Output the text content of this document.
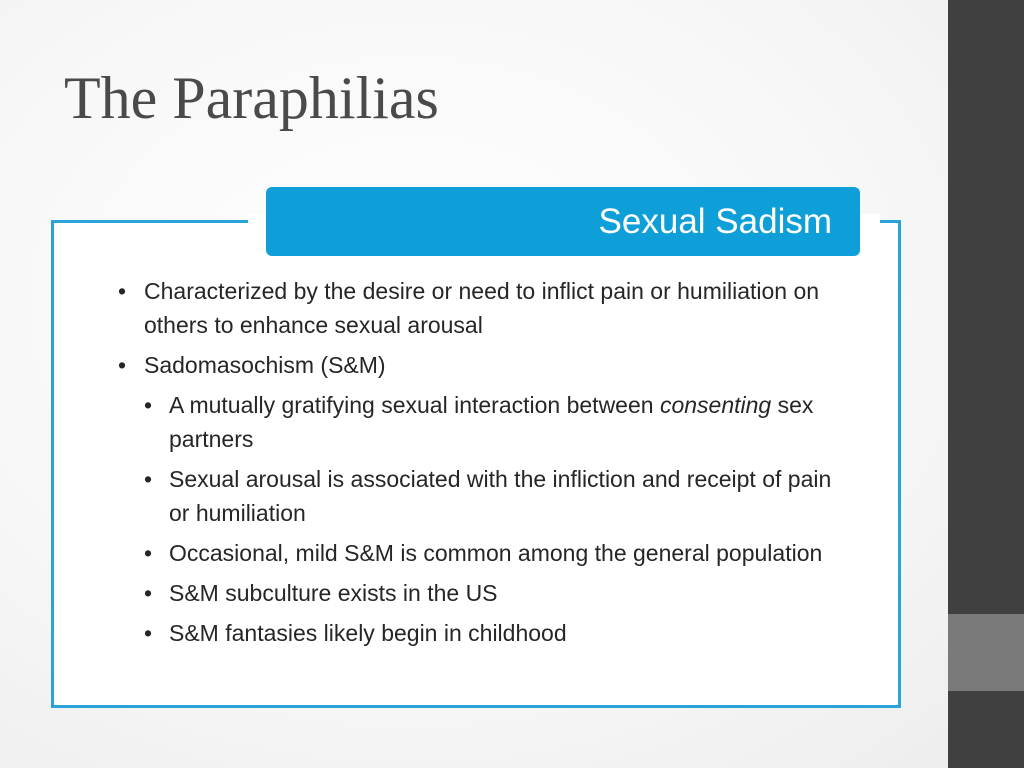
The Paraphilias
Sexual Sadism
• Characterized by the desire or need to inflict pain or humiliation on others to enhance sexual arousal
• Sadomasochism (S&M)
• A mutually gratifying sexual interaction between consenting sex partners
• Sexual arousal is associated with the infliction and receipt of pain or humiliation
• Occasional, mild S&M is common among the general population
• S&M subculture exists in the US
• S&M fantasies likely begin in childhood
